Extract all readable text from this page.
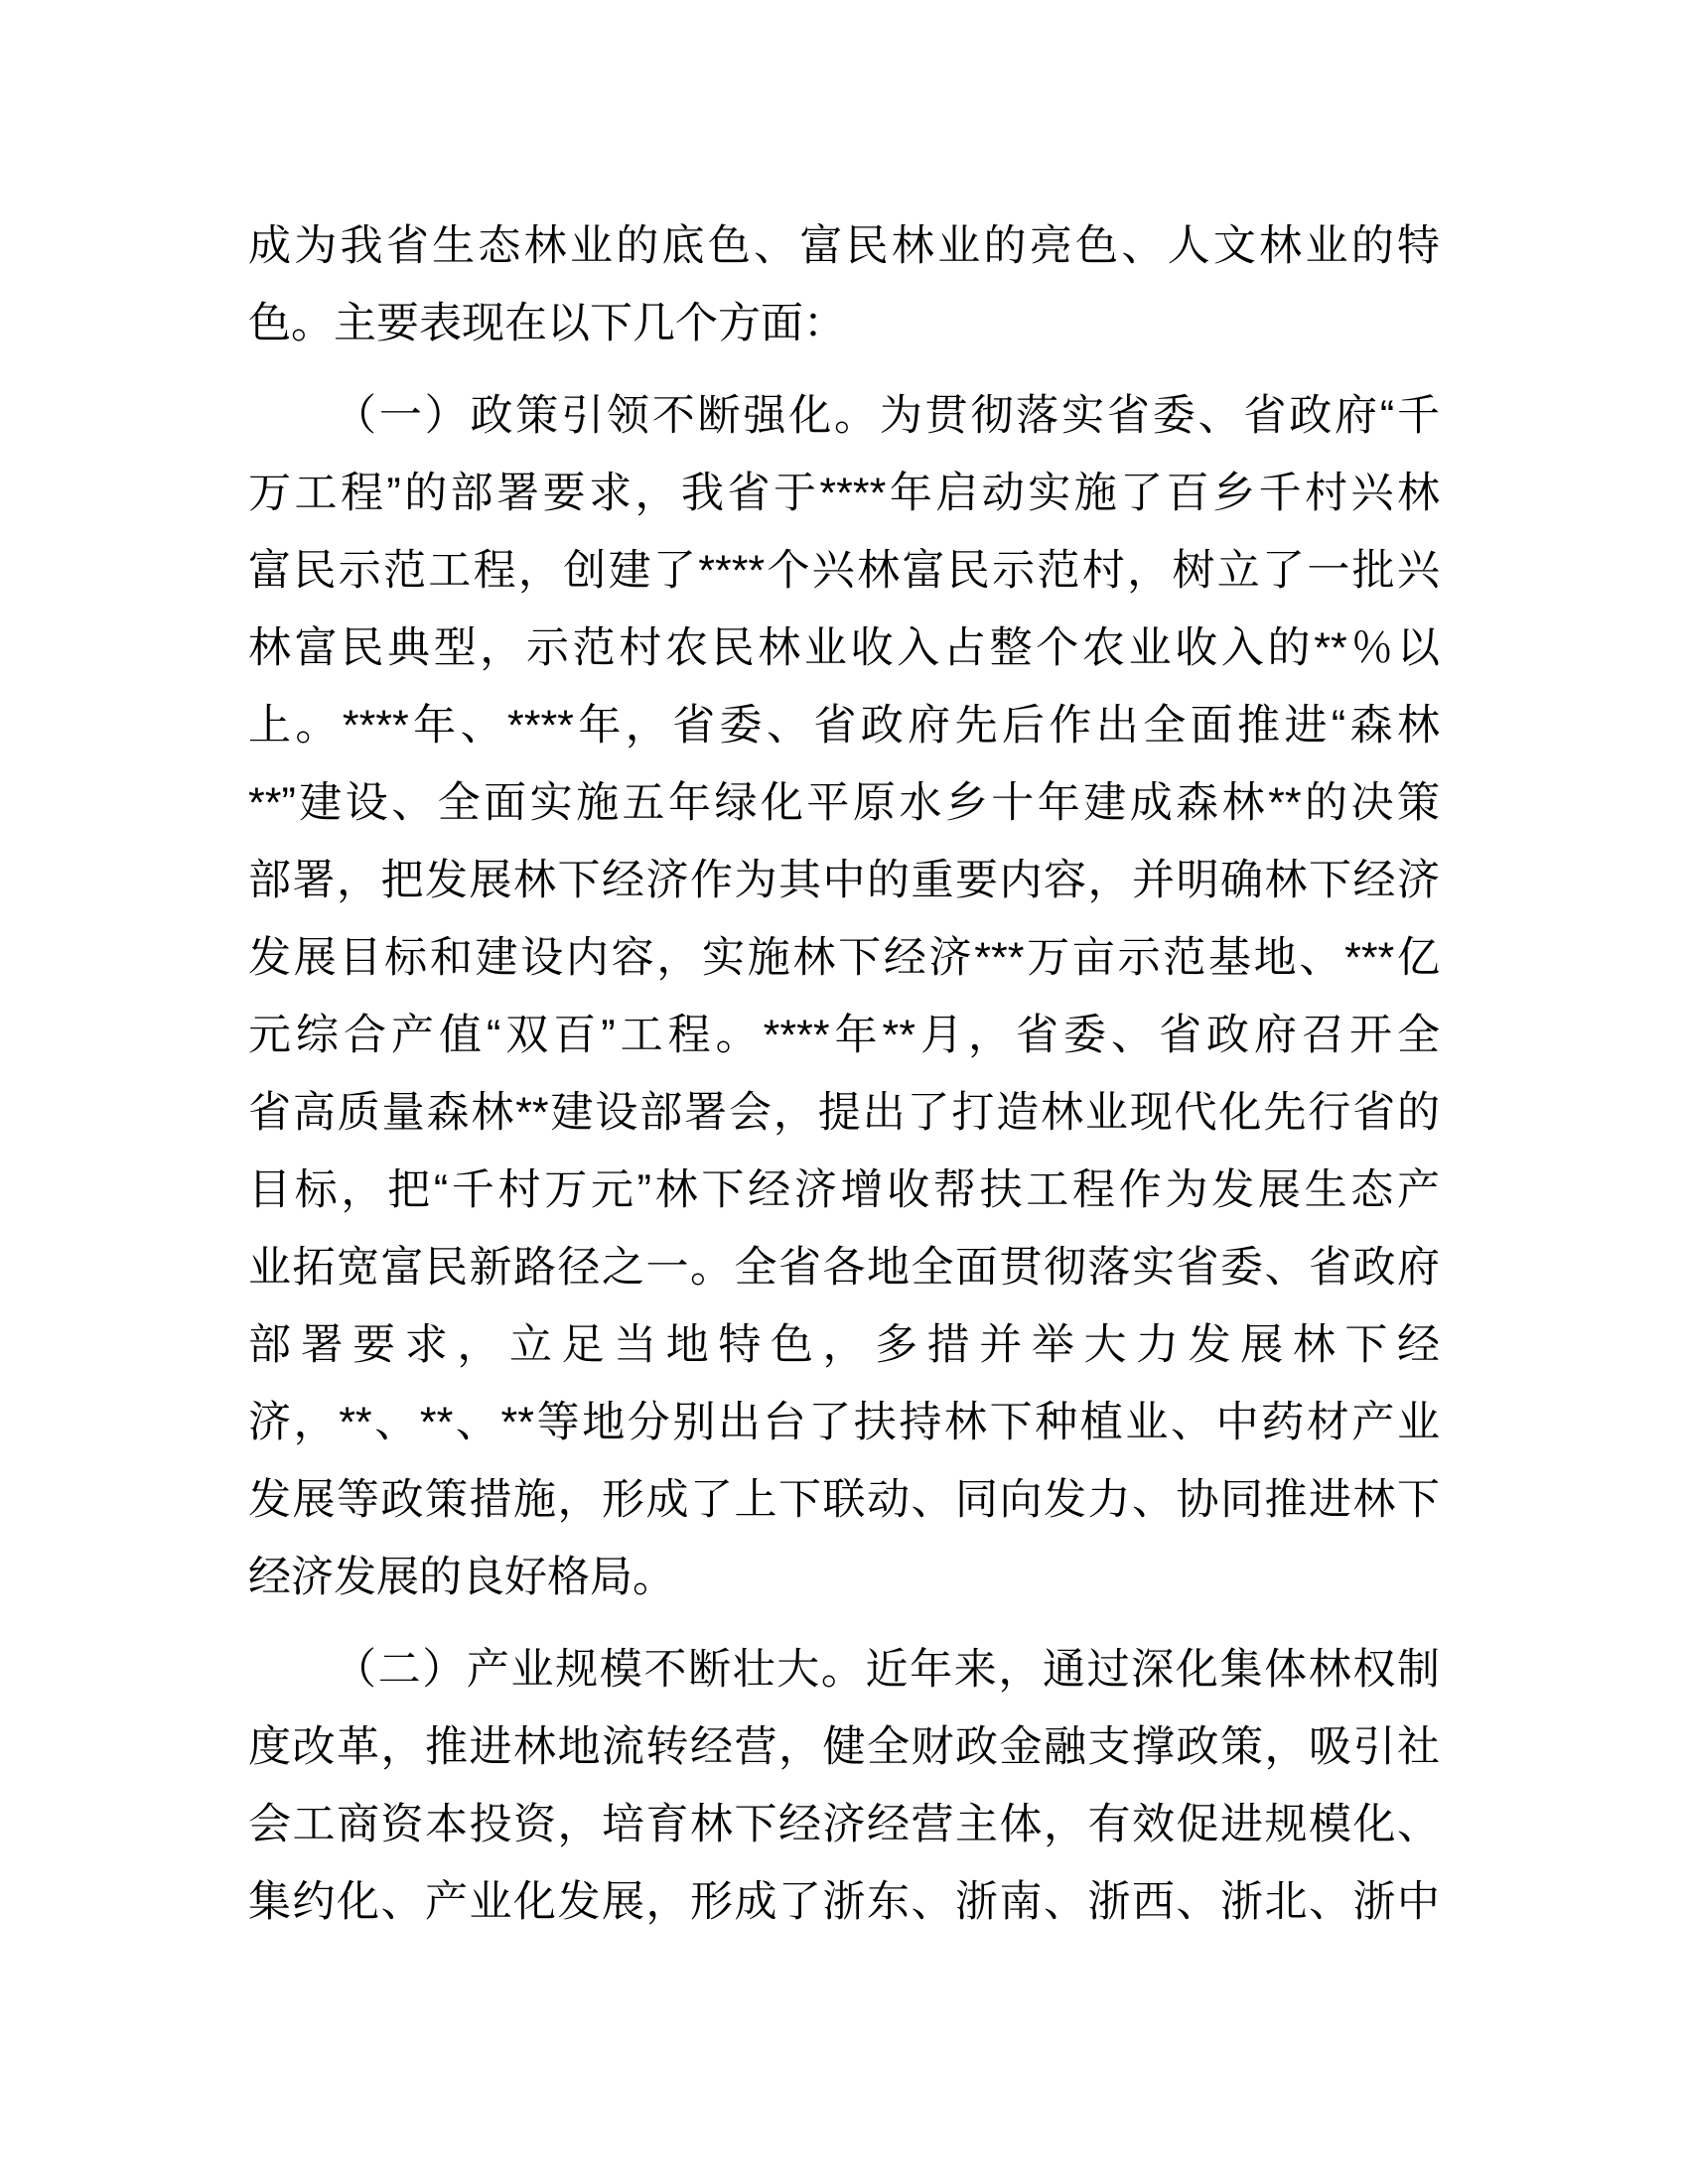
成为我省生态林业的底色、富民林业的亮色、人文林业的特
色。主要表现在以下几个方面：
（一）政策引领不断强化。为贯彻落实省委、省政府“千
万工程”的部署要求，我省于****年启动实施了百乡千村兴林
富民示范工程，创建了****个兴林富民示范村，树立了一批兴
林富民典型，示范村农民林业收入占整个农业收入的**％以
上。****年、****年，省委、省政府先后作出全面推进“森林
**”建设、全面实施五年绿化平原水乡十年建成森林**的决策
部署，把发展林下经济作为其中的重要内容，并明确林下经济
发展目标和建设内容，实施林下经济***万亩示范基地、***亿
元综合产值“双百”工程。****年**月，省委、省政府召开全
省高质量森林**建设部署会，提出了打造林业现代化先行省的
目标，把“千村万元”林下经济增收帮扶工程作为发展生态产
业拓宽富民新路径之一。全省各地全面贯彻落实省委、省政府
部署要求，立足当地特色，多措并举大力发展林下经
济，**、**、**等地分别出台了扶持林下种植业、中药材产业
发展等政策措施，形成了上下联动、同向发力、协同推进林下
经济发展的良好格局。
（二）产业规模不断壮大。近年来，通过深化集体林权制
度改革，推进林地流转经营，健全财政金融支撑政策，吸引社
会工商资本投资，培育林下经济经营主体，有效促进规模化、
集约化、产业化发展，形成了浙东、浙南、浙西、浙北、浙中
